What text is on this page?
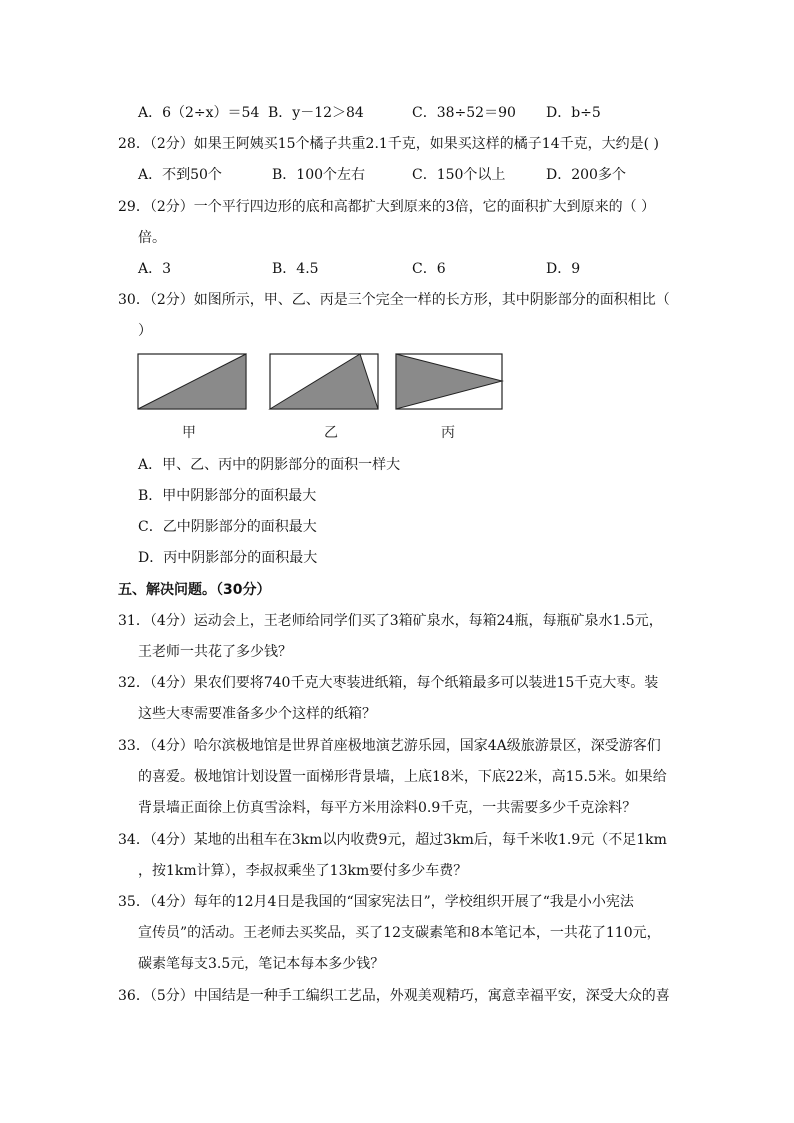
A．6（2÷x）＝54 B．y－12＞84	C．38÷52＝90 D．b÷5
28．（2分）如果王阿姨买15个橘子共重2.1千克，如果买这样的橘子14千克，大约是( )
A．不到50个	B．100个左右	C．150个以上	D．200多个
29．（2分）一个平行四边形的底和高都扩大到原来的3倍，它的面积扩大到原来的（ ）
倍。
A．3	B．4.5	C．6	D．9
30．（2分）如图所示，甲、乙、丙是三个完全一样的长方形，其中阴影部分的面积相比（
）
甲	乙	丙
A．甲、乙、丙中的阴影部分的面积一样大
B．甲中阴影部分的面积最大
C．乙中阴影部分的面积最大
D．丙中阴影部分的面积最大
五、解决问题。（30分）
31．（4分）运动会上，王老师给同学们买了3箱矿泉水，每箱24瓶，每瓶矿泉水1.5元，
王老师一共花了多少钱？
32．（4分）果农们要将740千克大枣装进纸箱，每个纸箱最多可以装进15千克大枣。装
这些大枣需要准备多少个这样的纸箱？
33．（4分）哈尔滨极地馆是世界首座极地演艺游乐园，国家4A级旅游景区，深受游客们
的喜爱。极地馆计划设置一面梯形背景墙，上底18米，下底22米，高15.5米。如果给
背景墙正面徐上仿真雪涂料，每平方米用涂料0.9千克，一共需要多少千克涂料？
34．（4分）某地的出租车在3km以内收费9元，超过3km后，每千米收1.9元（不足1km
，按1km计算），李叔叔乘坐了13km要付多少车费？
35．（4分）每年的12月4日是我国的“国家宪法日”，学校组织开展了“我是小小宪法
宣传员”的活动。王老师去买奖品，买了12支碳素笔和8本笔记本，一共花了110元，
碳素笔每支3.5元，笔记本每本多少钱？
36．（5分）中国结是一种手工编织工艺品，外观美观精巧，寓意幸福平安，深受大众的喜
